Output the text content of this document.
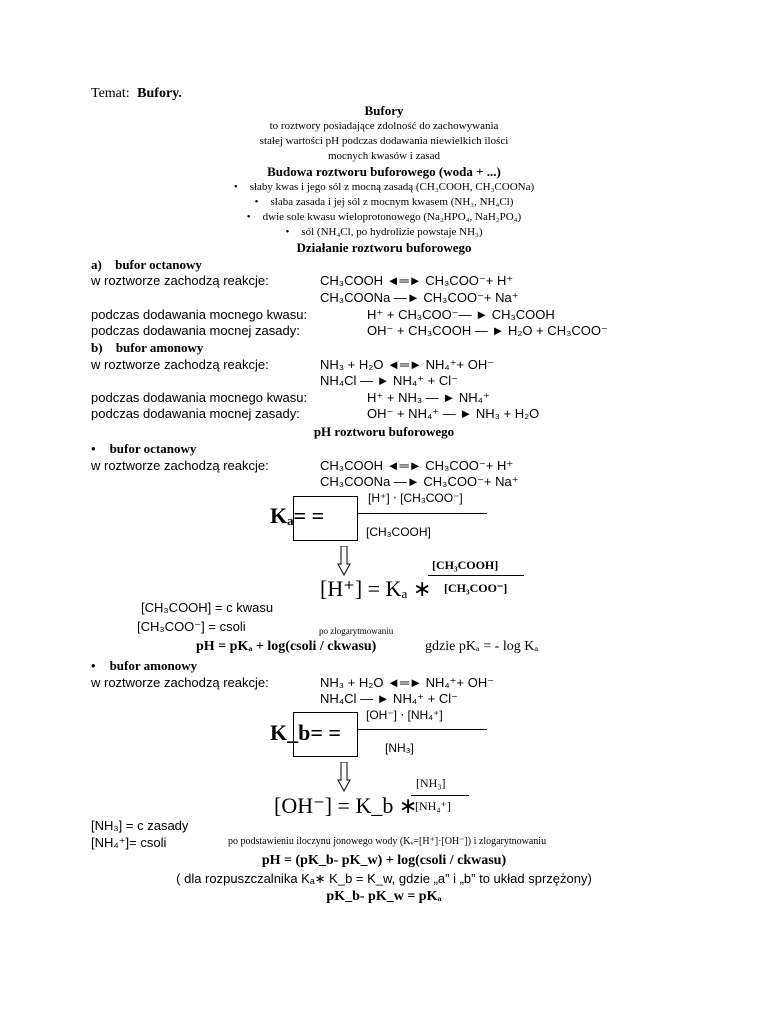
Temat: Bufory.
Bufory
to roztwory posiadające zdolność do zachowywania
stałej wartości pH podczas dodawania niewielkich ilości
mocnych kwasów i zasad
Budowa roztworu buforowego (woda + ...)
• słaby kwas i jego sól z mocną zasadą (CH₃COOH, CH₃COONa)
• słaba zasada i jej sól z mocnym kwasem (NH₃, NH₄Cl)
• dwie sole kwasu wieloprotonowego (Na₂HPO₄, NaH₂PO₄)
• sól (NH₄Cl, po hydrolizie powstaje NH₃)
Działanie roztworu buforowego
a) bufor octanowy
w roztworze zachodzą reakcje:	CH₃COOH ◄═► CH₃COO⁻+ H⁺
CH₃COONa —► CH₃COO⁻+ Na⁺
podczas dodawania mocnego kwasu:	H⁺ + CH₃COO⁻— ► CH₃COOH
podczas dodawania mocnej zasady:	OH⁻ + CH₃COOH — ► H₂O + CH₃COO⁻
b) bufor amonowy
w roztworze zachodzą reakcje:	NH₃ + H₂O ◄═► NH₄⁺+ OH⁻
NH₄Cl — ► NH₄⁺ + Cl⁻
podczas dodawania mocnego kwasu:	H⁺ + NH₃ — ► NH₄⁺
podczas dodawania mocnej zasady:	OH⁻ + NH₄⁺ — ► NH₃ + H₂O
pH roztworu buforowego
• bufor octanowy
w roztworze zachodzą reakcje:	CH₃COOH ◄═► CH₃COO⁻+ H⁺
CH₃COONa —► CH₃COO⁻+ Na⁺
[H⁺] ⋅ [CH₃COO⁻]
Kₐ= =
[CH₃COOH]
[H⁺] = Kₐ ∗
[CH₃COOH]
[CH₃COO⁻]
[CH₃COOH] = c kwasu
[CH₃COO⁻] = csoli	po zlogarytmowaniu
pH = pKₐ + log(csoli / ckwasu)	gdzie pKₐ = - log Kₐ
• bufor amonowy
w roztworze zachodzą reakcje:	NH₃ + H₂O ◄═► NH₄⁺+ OH⁻
NH₄Cl — ► NH₄⁺ + Cl⁻
[OH⁻] ⋅ [NH₄⁺]
K_b= =
[NH₃]
[OH⁻] = K_b ∗
[NH₃]
[NH₄⁺]
[NH₃] = c zasady
[NH₄⁺]= csoli	po podstawieniu iloczynu jonowego wody (Kᵥ=[H⁺]⋅[OH⁻]) i zlogarytnowaniu
pH = (pK_b- pK_w) + log(csoli / ckwasu)
( dla rozpuszczalnika Kₐ∗ K_b = K_w, gdzie „a” i „b” to układ sprzężony)
pK_b- pK_w = pKₐ
